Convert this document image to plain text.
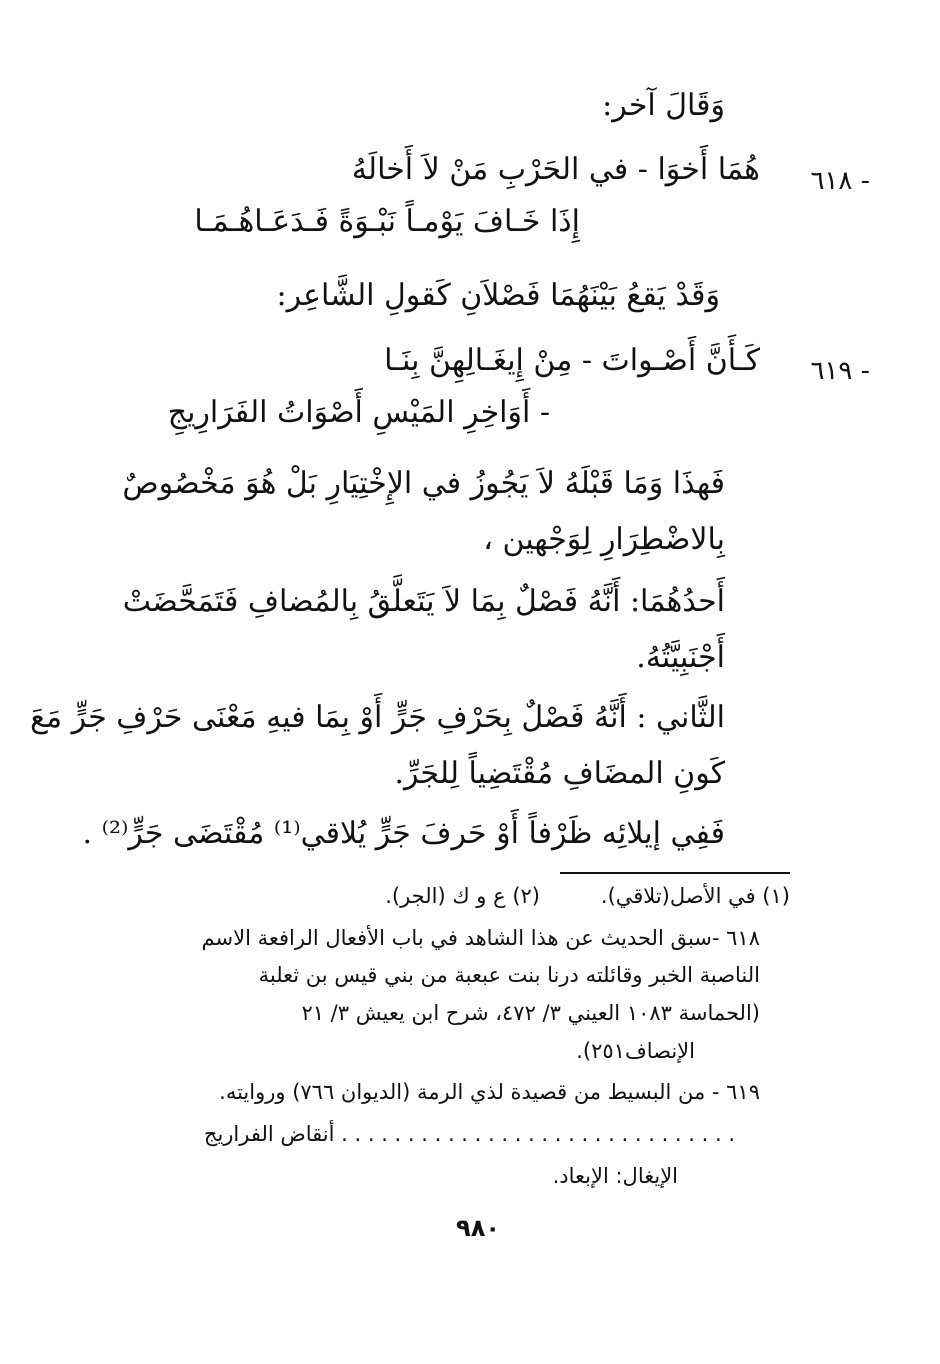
وَقَالَ آخر:
٦١٨ -
هُمَا أَخوَا - في الحَرْبِ مَنْ لاَ أَخالَهُ
إِذَا خَـافَ يَوْمـاً نَبْـوَةً فَـدَعَـاهُـمَـا
وَقَدْ يَقعُ بَيْنَهُمَا فَصْلاَنِ كَقولِ الشَّاعِر:
٦١٩ -
كَـأَنَّ أَصْـواتَ - مِنْ إِيغَـالِهِنَّ بِنَـا
- أَوَاخِرِ المَيْسِ أَصْوَاتُ الفَرَارِيجِ
فَهذَا وَمَا قَبْلَهُ لاَ يَجُوزُ في الإِخْتِيَارِ بَلْ هُوَ مَخْصُوصٌ
بِالاضْطِرَارِ لِوَجْهين ،
أَحدُهُمَا: أَنَّهُ فَصْلٌ بِمَا لاَ يَتَعلَّقُ بِالمُضافِ فَتَمَحَّضَتْ
أَجْنَبِيَّتُهُ.
الثَّاني : أَنَّهُ فَصْلٌ بِحَرْفِ جَرٍّ أَوْ بِمَا فيهِ مَعْنَى حَرْفِ جَرٍّ مَعَ
كَونِ المضَافِ مُقْتَضِياً لِلجَرِّ.
فَفِي إيلائِه ظَرْفاً أَوْ حَرفَ جَرٍّ يُلاقي⁽¹⁾ مُقْتَضَى جَرٍّ⁽²⁾ .
(١) في الأصل(تلاقي).
(٢) ع و ك (الجر).
٦١٨ -سبق الحديث عن هذا الشاهد في باب الأفعال الرافعة الاسم
الناصبة الخبر وقائلته درنا بنت عبعبة من بني قيس بن ثعلبة
(الحماسة ١٠٨٣ العيني ٣/ ٤٧٢، شرح ابن يعيش ٣/ ٢١
الإنصاف٢٥١).
٦١٩ - من البسيط من قصيدة لذي الرمة (الديوان ٧٦٦) وروايته.
. . . . . . . . . . . . . . . . . . . . . . . . . . . . . . أنقاض الفراريج
الإيغال: الإبعاد.
٩٨٠
